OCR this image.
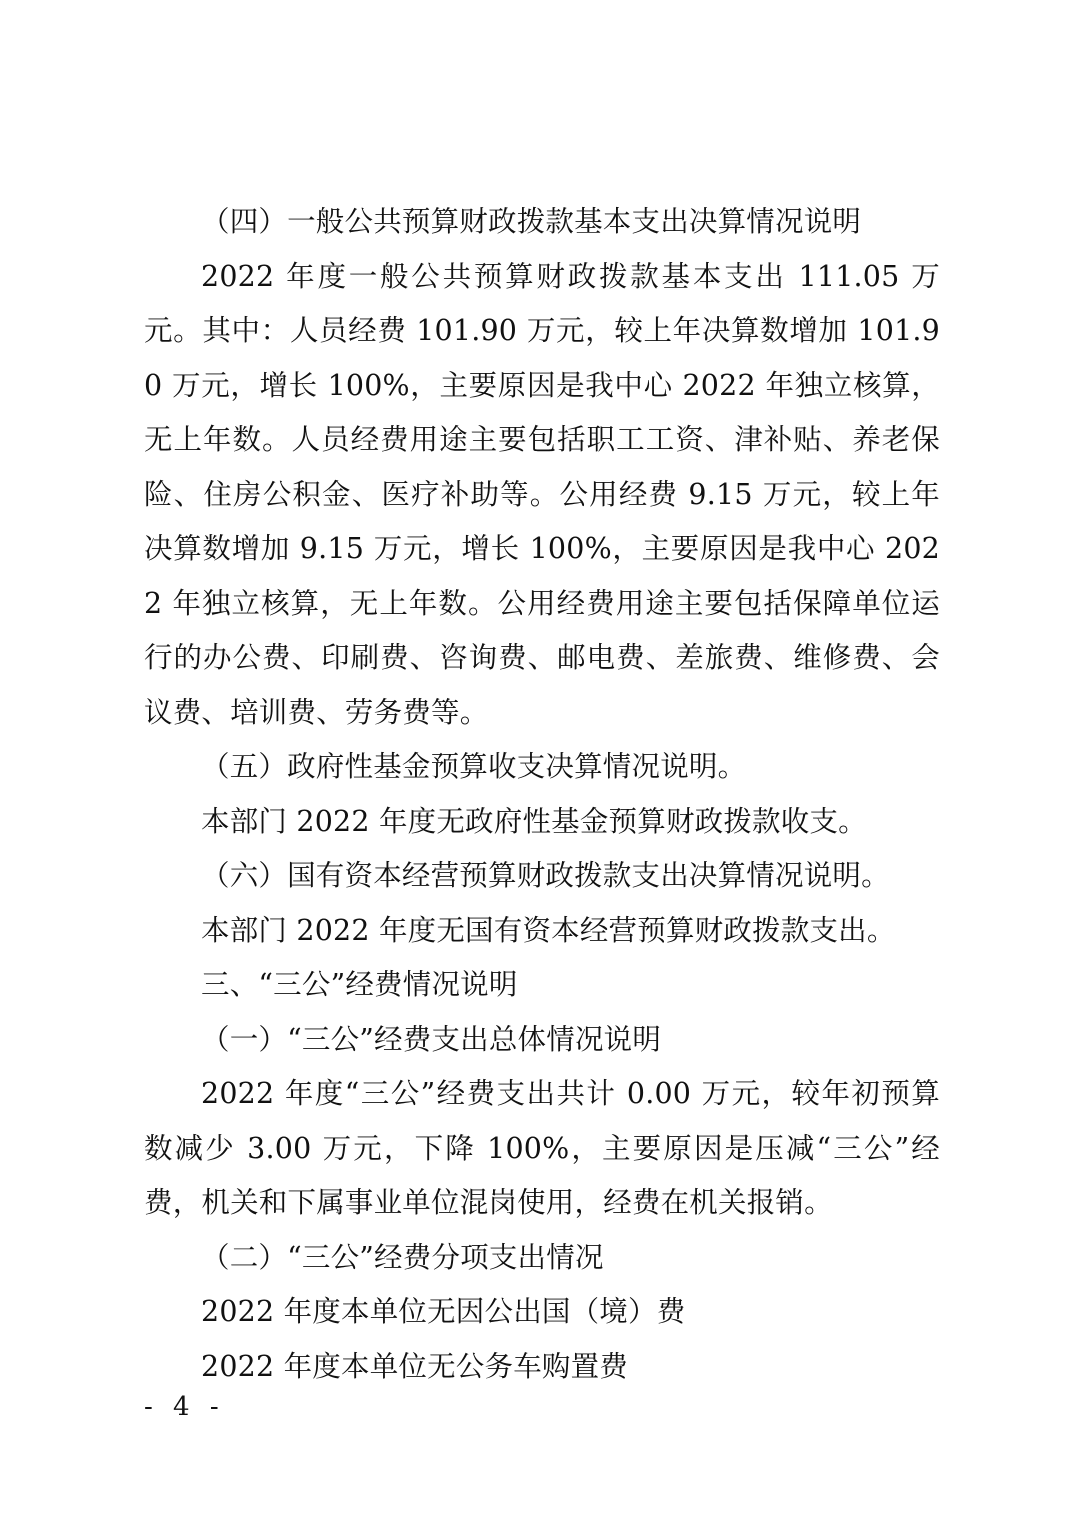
（四）一般公共预算财政拨款基本支出决算情况说明

2022 年度一般公共预算财政拨款基本支出 111.05 万元。其中：人员经费 101.90 万元，较上年决算数增加 101.90 万元，增长 100%，主要原因是我中心 2022 年独立核算，无上年数。人员经费用途主要包括职工工资、津补贴、养老保险、住房公积金、医疗补助等。公用经费 9.15 万元，较上年决算数增加 9.15 万元，增长 100%，主要原因是我中心 2022 年独立核算，无上年数。公用经费用途主要包括保障单位运行的办公费、印刷费、咨询费、邮电费、差旅费、维修费、会议费、培训费、劳务费等。

（五）政府性基金预算收支决算情况说明。

本部门 2022 年度无政府性基金预算财政拨款收支。

（六）国有资本经营预算财政拨款支出决算情况说明。

本部门 2022 年度无国有资本经营预算财政拨款支出。

三、“三公”经费情况说明

（一）“三公”经费支出总体情况说明

2022 年度“三公”经费支出共计 0.00 万元，较年初预算数减少 3.00 万元，下降 100%，主要原因是压减“三公”经费，机关和下属事业单位混岗使用，经费在机关报销。

（二）“三公”经费分项支出情况

2022 年度本单位无因公出国（境）费

2022 年度本单位无公务车购置费

- 4 -
